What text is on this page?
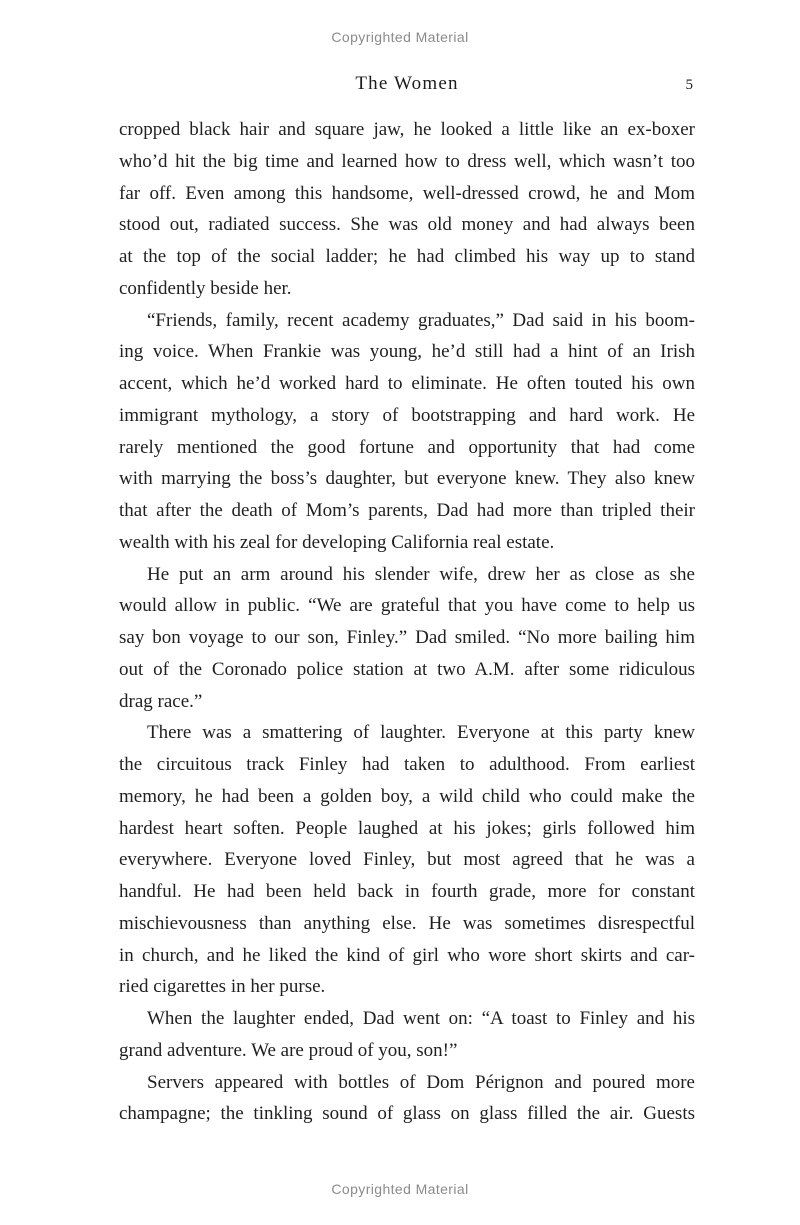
Copyrighted Material
The Women	5
cropped black hair and square jaw, he looked a little like an ex-boxer
who’d hit the big time and learned how to dress well, which wasn’t too
far off. Even among this handsome, well-dressed crowd, he and Mom
stood out, radiated success. She was old money and had always been
at the top of the social ladder; he had climbed his way up to stand
confidently beside her.
“Friends, family, recent academy graduates,” Dad said in his boom-
ing voice. When Frankie was young, he’d still had a hint of an Irish
accent, which he’d worked hard to eliminate. He often touted his own
immigrant mythology, a story of bootstrapping and hard work. He
rarely mentioned the good fortune and opportunity that had come
with marrying the boss’s daughter, but everyone knew. They also knew
that after the death of Mom’s parents, Dad had more than tripled their
wealth with his zeal for developing California real estate.
He put an arm around his slender wife, drew her as close as she
would allow in public. “We are grateful that you have come to help us
say bon voyage to our son, Finley.” Dad smiled. “No more bailing him
out of the Coronado police station at two A.M. after some ridiculous
drag race.”
There was a smattering of laughter. Everyone at this party knew
the circuitous track Finley had taken to adulthood. From earliest
memory, he had been a golden boy, a wild child who could make the
hardest heart soften. People laughed at his jokes; girls followed him
everywhere. Everyone loved Finley, but most agreed that he was a
handful. He had been held back in fourth grade, more for constant
mischievousness than anything else. He was sometimes disrespectful
in church, and he liked the kind of girl who wore short skirts and car-
ried cigarettes in her purse.
When the laughter ended, Dad went on: “A toast to Finley and his
grand adventure. We are proud of you, son!”
Servers appeared with bottles of Dom Pérignon and poured more
champagne; the tinkling sound of glass on glass filled the air. Guests
Copyrighted Material
